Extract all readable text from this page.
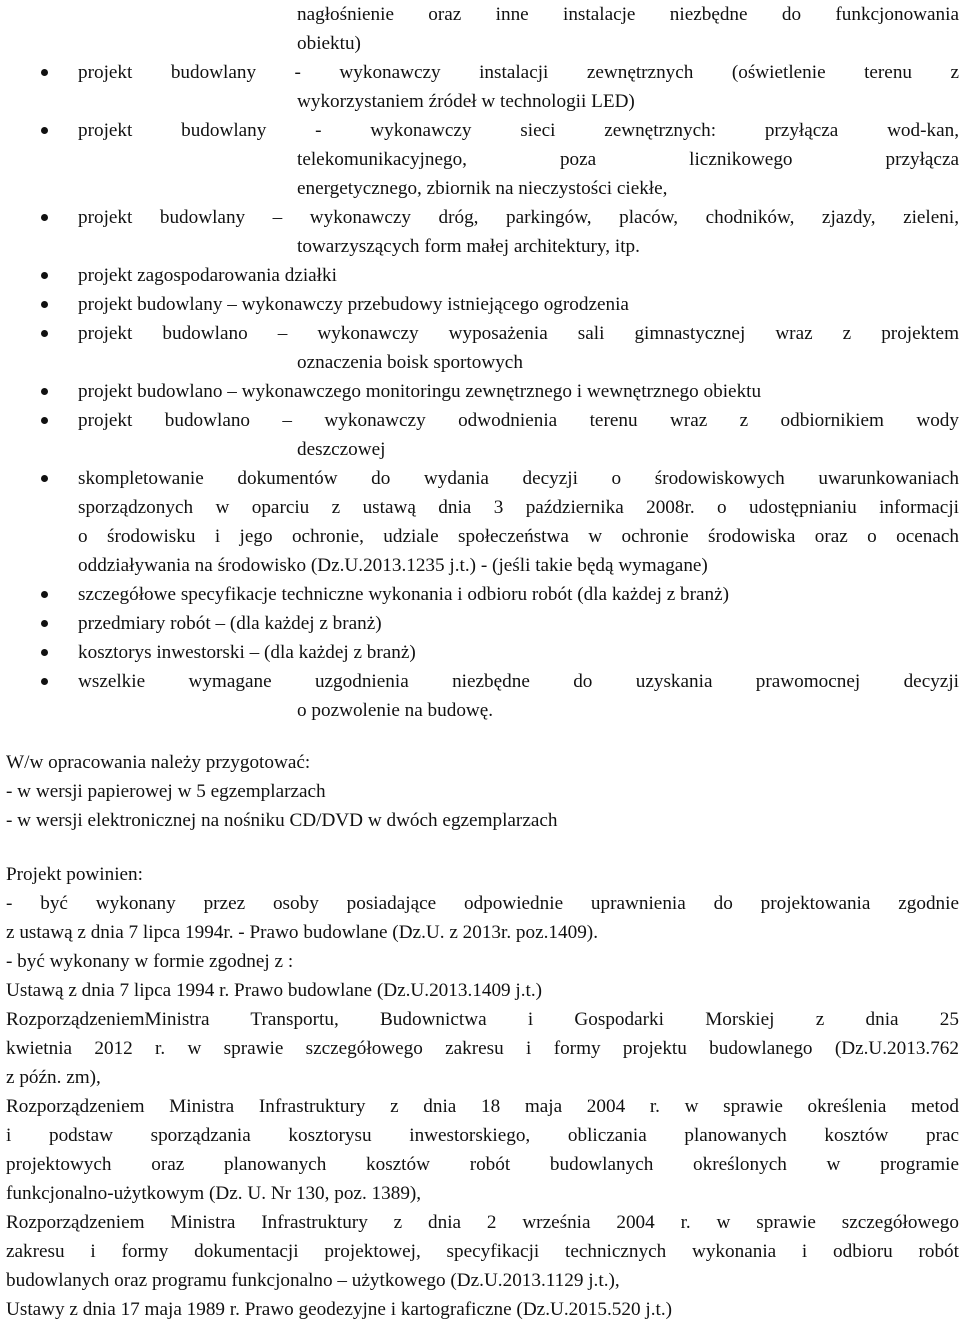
nagłośnienie oraz inne instalacje niezbędne do funkcjonowania
obiektu)
projekt budowlany - wykonawczy instalacji zewnętrznych (oświetlenie terenu z
wykorzystaniem źródeł w technologii LED)
projekt budowlany - wykonawczy sieci zewnętrznych: przyłącza wod-kan,
telekomunikacyjnego, poza licznikowego przyłącza
energetycznego, zbiornik na nieczystości ciekłe,
projekt budowlany – wykonawczy dróg, parkingów, placów, chodników, zjazdy, zieleni,
towarzyszących form małej architektury, itp.
projekt zagospodarowania działki
projekt budowlany – wykonawczy przebudowy istniejącego ogrodzenia
projekt budowlano – wykonawczy wyposażenia sali gimnastycznej wraz z projektem
oznaczenia boisk sportowych
projekt budowlano – wykonawczego monitoringu zewnętrznego i wewnętrznego obiektu
projekt budowlano – wykonawczy odwodnienia terenu wraz z odbiornikiem wody
deszczowej
skompletowanie dokumentów do wydania decyzji o środowiskowych uwarunkowaniach
sporządzonych w oparciu z ustawą dnia 3 października 2008r. o udostępnianiu informacji
o środowisku i jego ochronie, udziale społeczeństwa w ochronie środowiska oraz o ocenach
oddziaływania na środowisko (Dz.U.2013.1235 j.t.) - (jeśli takie będą wymagane)
szczegółowe specyfikacje techniczne wykonania i odbioru robót (dla każdej z branż)
przedmiary robót – (dla każdej z branż)
kosztorys inwestorski – (dla każdej z branż)
wszelkie wymagane uzgodnienia niezbędne do uzyskania prawomocnej decyzji
o pozwolenie na budowę.
W/w opracowania należy przygotować:
- w wersji papierowej w 5 egzemplarzach
- w wersji elektronicznej na nośniku CD/DVD w dwóch egzemplarzach
Projekt powinien:
- być wykonany przez osoby posiadające odpowiednie uprawnienia do projektowania zgodnie
z ustawą z dnia 7 lipca 1994r. - Prawo budowlane (Dz.U. z 2013r. poz.1409).
- być wykonany w formie zgodnej z :
Ustawą z dnia 7 lipca 1994 r. Prawo budowlane (Dz.U.2013.1409 j.t.)
RozporządzeniemMinistra Transportu, Budownictwa i Gospodarki Morskiej z dnia 25
kwietnia 2012 r. w sprawie szczegółowego zakresu i formy projektu budowlanego (Dz.U.2013.762
z późn. zm),
Rozporządzeniem Ministra Infrastruktury z dnia 18 maja 2004 r. w sprawie określenia metod
i podstaw sporządzania kosztorysu inwestorskiego, obliczania planowanych kosztów prac
projektowych oraz planowanych kosztów robót budowlanych określonych w programie
funkcjonalno-użytkowym (Dz. U. Nr 130, poz. 1389),
Rozporządzeniem Ministra Infrastruktury z dnia 2 września 2004 r. w sprawie szczegółowego
zakresu i formy dokumentacji projektowej, specyfikacji technicznych wykonania i odbioru robót
budowlanych oraz programu funkcjonalno – użytkowego (Dz.U.2013.1129 j.t.),
Ustawy z dnia 17 maja 1989 r. Prawo geodezyjne i kartograficzne (Dz.U.2015.520 j.t.)
